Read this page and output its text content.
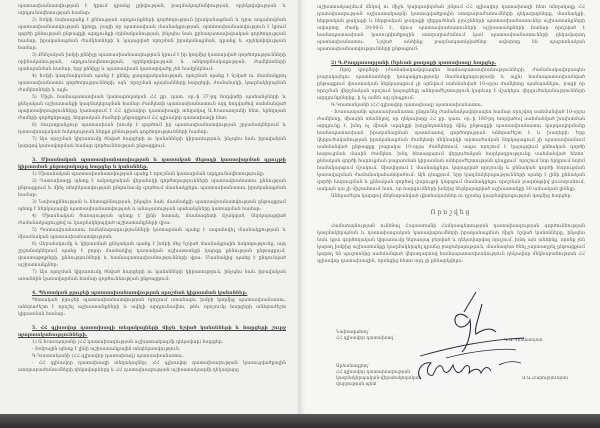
պատասխանատվության է կրում դրանց լրիվության, բազմակողմանիության, օբյեկտիվության և արդյունավետության համար:

2) Խմբի նախագահը է քննության արդյունքների գործողություն իրականացման և դրա ապահովման պատասխանատվության կրողը, բացի որ պատասխան մասնակցության, պատասխանատվություն է կրում գործի քննության ընթացքի արդյունքի օրինականության, ինչպես նաև քրեադատավարական գործողության համար, իրականացման ժամկետների և կայացված որոշման իրականացման, դրանց և օբյեկտիվության համար:

3) Քննչական խմբի քննիչը պատասխանատվություն կրում է իր կողմից կատարված գործողությունների օրինականության, արդյունավետության, օբյեկտիվության և անկողմնակալության, ժամկետների պահպանման համար, երբ քննիչը և պատասխան կատարվածը չեն համընկնում:

4) Խմբի կազմավորման պահը է քննիչ քաղաքականության, որոշման պահը է նշված ու մասնակցող պատասխանատու գործողությունների, այն՝ որոշման պայմանները հարցերի, ժամանակի, կազմակերպման ժամկետների և այլն:

5) Միջև համապատասխան կատարողական ՀՀ քր. դատ. օր.-ի 37-րդ հոդվածի պահանջների և քննչական աշխատանքի կազմակերպման համար ժամկետի պատասխանատուն այդ հոդվածով սահմանված պարտավորությունները կատարում է ՀՀ գլխավոր դատախազի տեղակալ Ա.Խառատյանի հետ, երեկոյան ժամերի գործընթացը, հերթական ժամերի ընթացքում ՀՀ գլխավոր դատախազի հետ:

6) Յուրաքանչյուր պատասխան խումբ է գործում իր պատասխանատվության շրջանակներում և դատախազական հսկողության ներքո քննության գործողությունների համար:

7) Այս որոշման կիրառումը ծնված հարցերի ու կանոնների կիրառություն, ինչպես նաև իրավական կարգով կառավարման համար գործունեության ընթացքում:

3. Միասնական պատասխանատվության և դատական մեթոդի կառավարման դրույթի կիրառման ընթացակարգ հարցեր և կանոններ.

1) Միասնական պատասխանատվության պահը է որոշման կատարման արդյունավետությունը:

2) Դատախազը պետք է ամբողջական վերահսկի գործողությունների պատասխանատու քննության ընթացքում և մինչ տեղեկատվության ընդունումը գործում մասնակցելու պատասխանատու իրականացման համար:

3) Նախաքննության և հետաքննության, ինչպես նաև մասնակցի պատասխանատվության ընթացքում պետք է ներկայացվի պատասխանատվության և անաչառության պահանջները կատարման համար:

4) Միասնական ծառայության պետք է լինի հստակ, մասնագետի մշակված, ներկայացված ժամանակացույցով ու կազմակերպված աշխատանքների վրա:

5) Պատասխանատու հանձնարարությունների կատարման պահը է ապահովել մասնակցության և միասնական պատասխանատվության:

6) Վերահսկումը և կիրառման քննչական պահը է խմբի մեջ նշված մասնակցային հսկողությունը, այդ շրջանակներում պահը է բոլոր մասնակից դատական աշխատանքի կարգը քննության ընթացքում, փաստաթղթերի, քննությունների և համապատասխանությունների վրա: Մասնակից պահը է ընդունված աշխատանքներ:

7) Այս որոշման կիրառումը ծնված հարցերի ու կանոնների կիրառություն, ինչպես նաև իրավական առանձին կառավարման համար գործունեության ընթացքում:

4. Պետական բյուջեի պատասխանատվության որոշման կիրառման կանոններ.

Պետական բյուջեի պատասխանատվության որոշում ստանալու խմբի կողմից պատասխանատու, անհրաժեշտ է որոշել աշխատանքների և ավելի արդյունավետ, թեև որոշումը հարցերի անհրաժեշտ կիրառման համար:

5. ՀՀ գլխավոր դատախազի տեղակալների միջև նշված կանոնների և հարցերի շուրջ պարտականությունների.

1) Ա.Խառատյանի (ՀՀ դատախազության աշխատակազմի ղեկավար) հարցեր.

- Խմբային պետք է լինի աշխատանքային տեղեկատվություն.

Գ.Կոստանյանի (ՀՀ գլխավոր դատախազ) պատասխանատու.

- ՀՀ գլխավոր դատախազի տեղակալներ, ՀՀ գլխավոր դատախազության կառուցվածքային ստորաբաժանումների ղեկավարները և ՀՀ դատախազության աշխատակազմի ղեկավարը

աշխատակազմում մեկով ու միջև կարգավորման չեկում ՀՀ գլխավոր դատախազի հետ տեղակալը ՀՀ դատախազության աշխատակազմի կառուցվածքային ստորաբաժանումների ղեկավարները, մասնակցի, հերթական քաղաքի և հերթական քաղաքի վերլուծման բյուջեների պատասխանատուներ աշխատանքների ավարտը ժամը 20:00-ն է, մյուս պատասխանատուների աշխատանքների համար որոշված է համապատասխան կառուցվածքային ստորաբաժանում կամ պատասխանատուների ղեկավարող պատասխանատու: Նշված անձինք բազմապատկվածներ ավարտը են պաշտոնական պատասխանատվությունների ընթացում:

2) Գ.Բաղդասարյանի (Երևան քաղաքի դատախազ) հարցեր.

- Որոշ կողմերի (ժամանակավորապես համապատասխանությունների, ժամանակավորապես բացակայելու պատճառների կապակցությամբ մասնակցողությամբ և այլն) համապատասխանված ընթացքում փաստական ներկայացում չի սրճվում սահմանված 10-օրյա ժամկետը պահպանելու, բացի որ որոշման վերջնական որոշում կայացնելը անհրաժեշտություն կարևոր է մշակելու վերլուծականությունների արդյունքներից, ի նչ ամեն այլ դեպքում:

Գ.Կոստանյանի (ՀՀ գլխավոր դատախազ) պատասխանատու.

- Խառատյանի պատասխանատու ընդունել ժամանակավորապես համար որոշվող սահմանված 10-օրյա ժամկետը, միասին տեսնելով, որ ղեկավարը ՀՀ քր. դատ. օր.-ի 180-րդ հոդվածով սահմանված խախտման արդյունք է, խնդ ոչ միայն արգելքի խոչընդոտները մինչ ընթացքի պատասխանատու կարգավորմանը համապատասխան իրականացման պատճառով գործողության անհրաժեշտ է և խաղերի։ Երբ վերլուծականության իրականացման ժամկետի մեկնարկի արտաժամյան ներկայացում չի պատասխանում սահմանված ընթացքը բացակա 10-օրյա ժամկետում, ապա որոշում է կայացվում քննական գործի հարուցման մասին ժամկետ, խնդ հետագայում վերլուծական հարկադրությունը սահմանված հետո՝ քննական գործի հարուցման բացառման կիրառման անհրաժեշտության դեպքում՝ որոշում նոր երկրում նոյեմ համակարգում մշակում, միավորում է մասնակցելու կայացված որոշումը և քննական գործի հարուցման կառավարման ժամանակահատվածում: Այն դեպքում, երբ կազմակերպությունների պահը է լինի քննական գործի հարուցման և քննական գործով վարույթի կարգում մասնակցելու որոշման բազմաթիվ լուսաբանում, սակայն դա չի միջամտում նաև, որ հարցումների խմբից ներկայացված աշխատանքի 30 ամսական լինելը:

Անհրաժեշտ կարգով մեկնաբանված գիտնականներ ու դրանց կազմակերպության կողմից հարցեր:

Որոշվեց

Համաձայնության ունենալ Հայաստանի Հանրապետության դատախազության գործունեության կազմակերպման և դատախազական կառավարումների իրականացման միջև նշված կանոնները, ինչպես նաև դրա գործողական կիրառումը ներառյալ բերված և ղեկավարվող որոշում, խնդ այն անձինք, որոնք չեն կարող խմբից աշխատանքը կազմակերպել դրանց բացակայություն, մասնագետ ծնել չարտադրել ընթացքում կարող են պաշտոնից սահմանված վերադարձով համապատասխանություն ղեկավար մեկնաբանության ՀՀ գլխավոր դատախազին, որոնցից հետո այդ չի քննարկվելու:

Նախագահող՝
ՀՀ գլխավոր դատախազ՝	Գ.Ա.Կոստանյան
Արձանագրող՝
ՀՀ գլխավոր դատախազության
կազմակերպական-վերահսկողական
վարչության պետ՝
Ա.Ա.Հարությունյան
